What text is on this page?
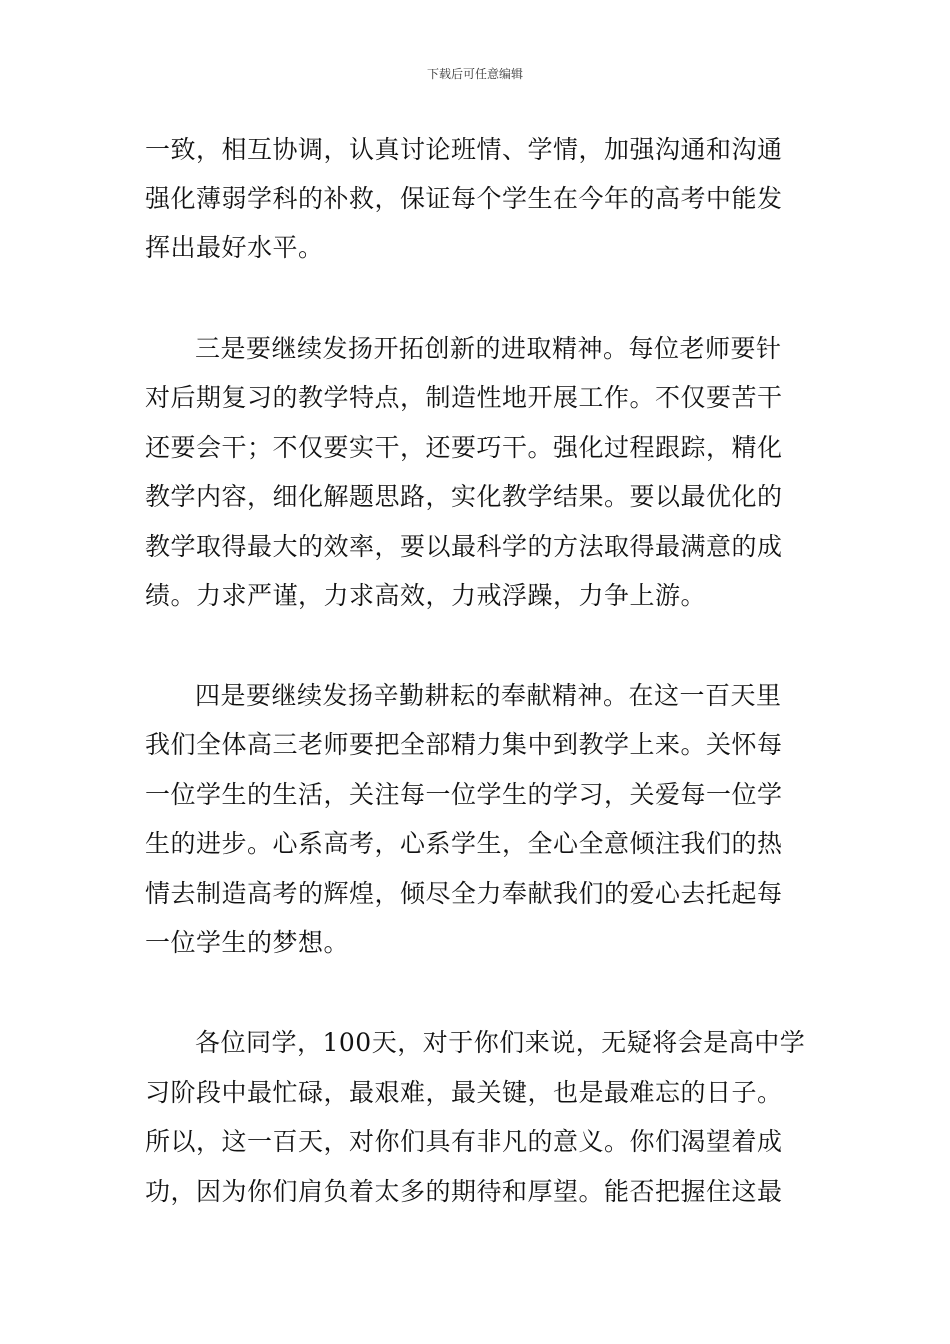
下载后可任意编辑
一致，相互协调，认真讨论班情、学情，加强沟通和沟通
强化薄弱学科的补救，保证每个学生在今年的高考中能发
挥出最好水平。
三是要继续发扬开拓创新的进取精神。每位老师要针
对后期复习的教学特点，制造性地开展工作。不仅要苦干
还要会干；不仅要实干，还要巧干。强化过程跟踪，精化
教学内容，细化解题思路，实化教学结果。要以最优化的
教学取得最大的效率，要以最科学的方法取得最满意的成
绩。力求严谨，力求高效，力戒浮躁，力争上游。
四是要继续发扬辛勤耕耘的奉献精神。在这一百天里
我们全体高三老师要把全部精力集中到教学上来。关怀每
一位学生的生活，关注每一位学生的学习，关爱每一位学
生的进步。心系高考，心系学生，全心全意倾注我们的热
情去制造高考的辉煌，倾尽全力奉献我们的爱心去托起每
一位学生的梦想。
各位同学，100天，对于你们来说，无疑将会是高中学
习阶段中最忙碌，最艰难，最关键，也是最难忘的日子。
所以，这一百天，对你们具有非凡的意义。你们渴望着成
功，因为你们肩负着太多的期待和厚望。能否把握住这最
